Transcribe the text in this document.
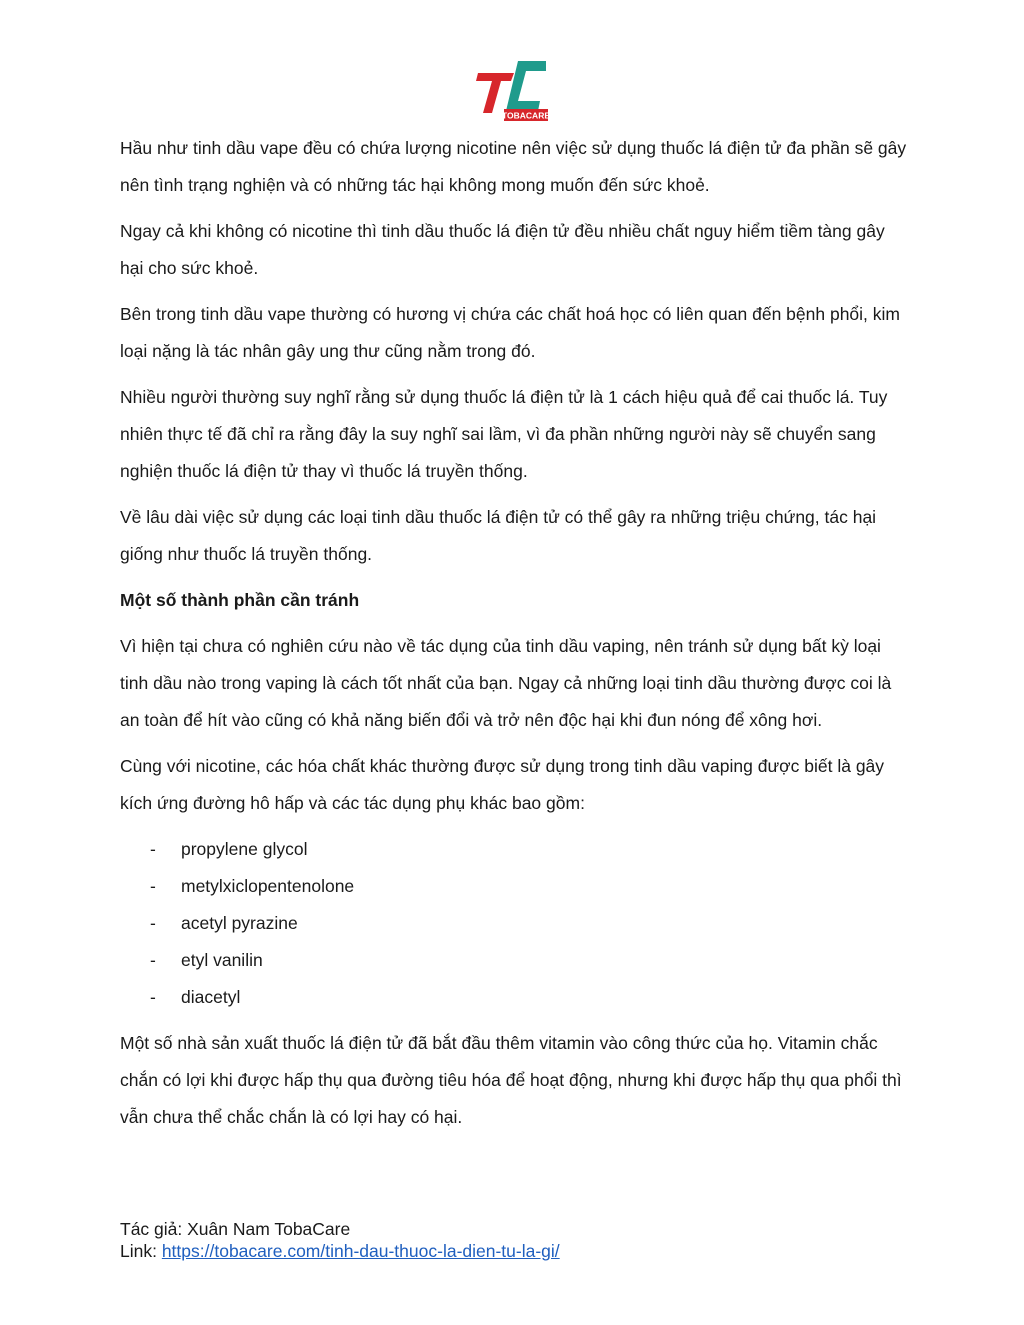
TOBACARE

Hầu như tinh dầu vape đều có chứa lượng nicotine nên việc sử dụng thuốc lá điện tử đa phần sẽ gây nên tình trạng nghiện và có những tác hại không mong muốn đến sức khoẻ.

Ngay cả khi không có nicotine thì tinh dầu thuốc lá điện tử đều nhiều chất nguy hiểm tiềm tàng gây hại cho sức khoẻ.

Bên trong tinh dầu vape thường có hương vị chứa các chất hoá học có liên quan đến bệnh phổi, kim loại nặng là tác nhân gây ung thư cũng nằm trong đó.

Nhiều người thường suy nghĩ rằng sử dụng thuốc lá điện tử là 1 cách hiệu quả để cai thuốc lá. Tuy nhiên thực tế đã chỉ ra rằng đây la suy nghĩ sai lầm, vì đa phần những người này sẽ chuyển sang nghiện thuốc lá điện tử thay vì thuốc lá truyền thống.

Về lâu dài việc sử dụng các loại tinh dầu thuốc lá điện tử có thể gây ra những triệu chứng, tác hại giống như thuốc lá truyền thống.

Một số thành phần cần tránh

Vì hiện tại chưa có nghiên cứu nào về tác dụng của tinh dầu vaping, nên tránh sử dụng bất kỳ loại tinh dầu nào trong vaping là cách tốt nhất của bạn. Ngay cả những loại tinh dầu thường được coi là an toàn để hít vào cũng có khả năng biến đổi và trở nên độc hại khi đun nóng để xông hơi.

Cùng với nicotine, các hóa chất khác thường được sử dụng trong tinh dầu vaping được biết là gây kích ứng đường hô hấp và các tác dụng phụ khác bao gồm:

- propylene glycol
- metylxiclopentenolone
- acetyl pyrazine
- etyl vanilin
- diacetyl

Một số nhà sản xuất thuốc lá điện tử đã bắt đầu thêm vitamin vào công thức của họ. Vitamin chắc chắn có lợi khi được hấp thụ qua đường tiêu hóa để hoạt động, nhưng khi được hấp thụ qua phổi thì vẫn chưa thể chắc chắn là có lợi hay có hại.

Tác giả: Xuân Nam TobaCare
Link: https://tobacare.com/tinh-dau-thuoc-la-dien-tu-la-gi/
